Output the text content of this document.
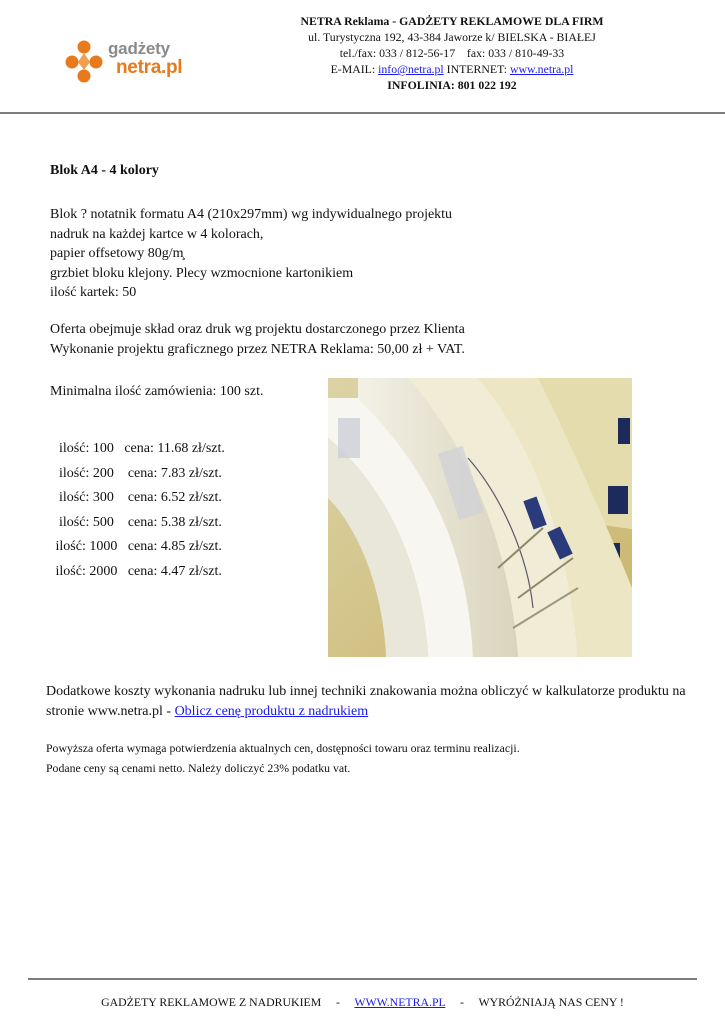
gadżety
netra.pl
NETRA Reklama - GADŻETY REKLAMOWE DLA FIRM
ul. Turystyczna 192, 43-384 Jaworze k/ BIELSKA - BIAŁEJ
tel./fax: 033 / 812-56-17    fax: 033 / 810-49-33
E-MAIL: info@netra.pl INTERNET: www.netra.pl
INFOLINIA: 801 022 192
Blok A4 - 4 kolory
Blok ? notatnik formatu A4 (210x297mm) wg indywidualnego projektu
nadruk na każdej kartce w 4 kolorach,
papier offsetowy 80g/m̧
grzbiet bloku klejony. Plecy wzmocnione kartonikiem
ilość kartek: 50
Oferta obejmuje skład oraz druk wg projektu dostarczonego przez Klienta
Wykonanie projektu graficznego przez NETRA Reklama: 50,00 zł + VAT.
Minimalna ilość zamówienia: 100 szt.
ilość: 100   cena: 11.68 zł/szt.
ilość: 200    cena: 7.83 zł/szt.
ilość: 300    cena: 6.52 zł/szt.
ilość: 500    cena: 5.38 zł/szt.
ilość: 1000   cena: 4.85 zł/szt.
ilość: 2000   cena: 4.47 zł/szt.
Dodatkowe koszty wykonania nadruku lub innej techniki znakowania można obliczyć w kalkulatorze produktu na stronie www.netra.pl - Oblicz cenę produktu z nadrukiem
Powyższa oferta wymaga potwierdzenia aktualnych cen, dostępności towaru oraz terminu realizacji.
Podane ceny są cenami netto. Należy doliczyć 23% podatku vat.
GADŻETY REKLAMOWE Z NADRUKIEM     -     WWW.NETRA.PL     -     WYRÓŻNIAJĄ NAS CENY !
